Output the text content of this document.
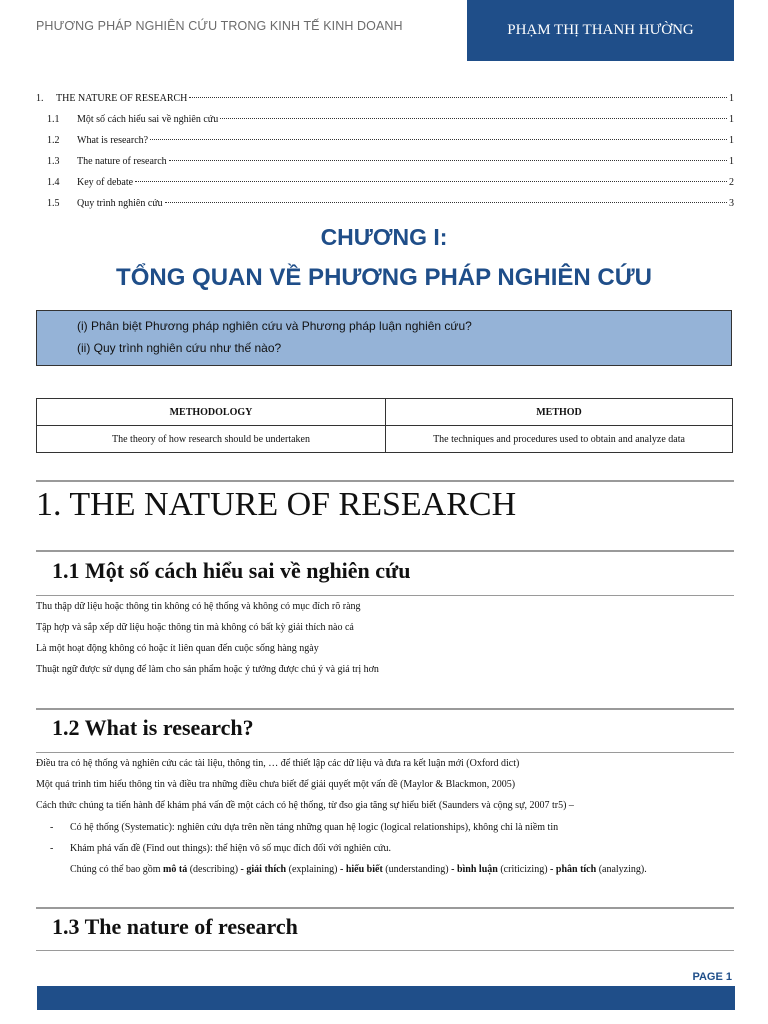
PHƯƠNG PHÁP NGHIÊN CỨU TRONG KINH TẾ KINH DOANH	PHẠM THỊ THANH HƯỜNG
1.	THE NATURE OF RESEARCH	1
1.1	Một số cách hiểu sai về nghiên cứu	1
1.2	What is research?	1
1.3	The nature of research	1
1.4	Key of debate	2
1.5	Quy trình nghiên cứu	3
CHƯƠNG I:
TỔNG QUAN VỀ PHƯƠNG PHÁP NGHIÊN CỨU
(i) Phân biệt Phương pháp nghiên cứu và Phương pháp luận nghiên cứu?
(ii) Quy trình nghiên cứu như thế nào?
METHODOLOGY	METHOD
The theory of how research should be undertaken	The techniques and procedures used to obtain and analyze data
1. THE NATURE OF RESEARCH
1.1 Một số cách hiểu sai về nghiên cứu
Thu thập dữ liệu hoặc thông tin không có hệ thống và không có mục đích rõ ràng
Tập hợp và sắp xếp dữ liệu hoặc thông tin mà không có bất kỳ giải thích nào cả
Là một hoạt động không có hoặc ít liên quan đến cuộc sống hàng ngày
Thuật ngữ được sử dụng để làm cho sản phẩm hoặc ý tưởng được chú ý và giá trị hơn
1.2 What is research?
Điều tra có hệ thống và nghiên cứu các tài liệu, thông tin, … để thiết lập các dữ liệu và đưa ra kết luận mới (Oxford dict)
Một quá trình tìm hiểu thông tin và điều tra những điều chưa biết để giải quyết một vấn đề (Maylor & Blackmon, 2005)
Cách thức chúng ta tiến hành để khám phá vấn đề một cách có hệ thống, từ đso gia tăng sự hiểu biết (Saunders và cộng sự, 2007 tr5) –
- Có hệ thống (Systematic): nghiên cứu dựa trên nền tảng những quan hệ logic (logical relationships), không chỉ là niềm tin
- Khám phá vấn đề (Find out things): thể hiện vô số mục đích đối với nghiên cứu.
Chúng có thể bao gồm mô tả (describing) - giải thích (explaining) - hiểu biết (understanding) - bình luận (criticizing) - phân tích (analyzing).
1.3 The nature of research
PAGE 1
